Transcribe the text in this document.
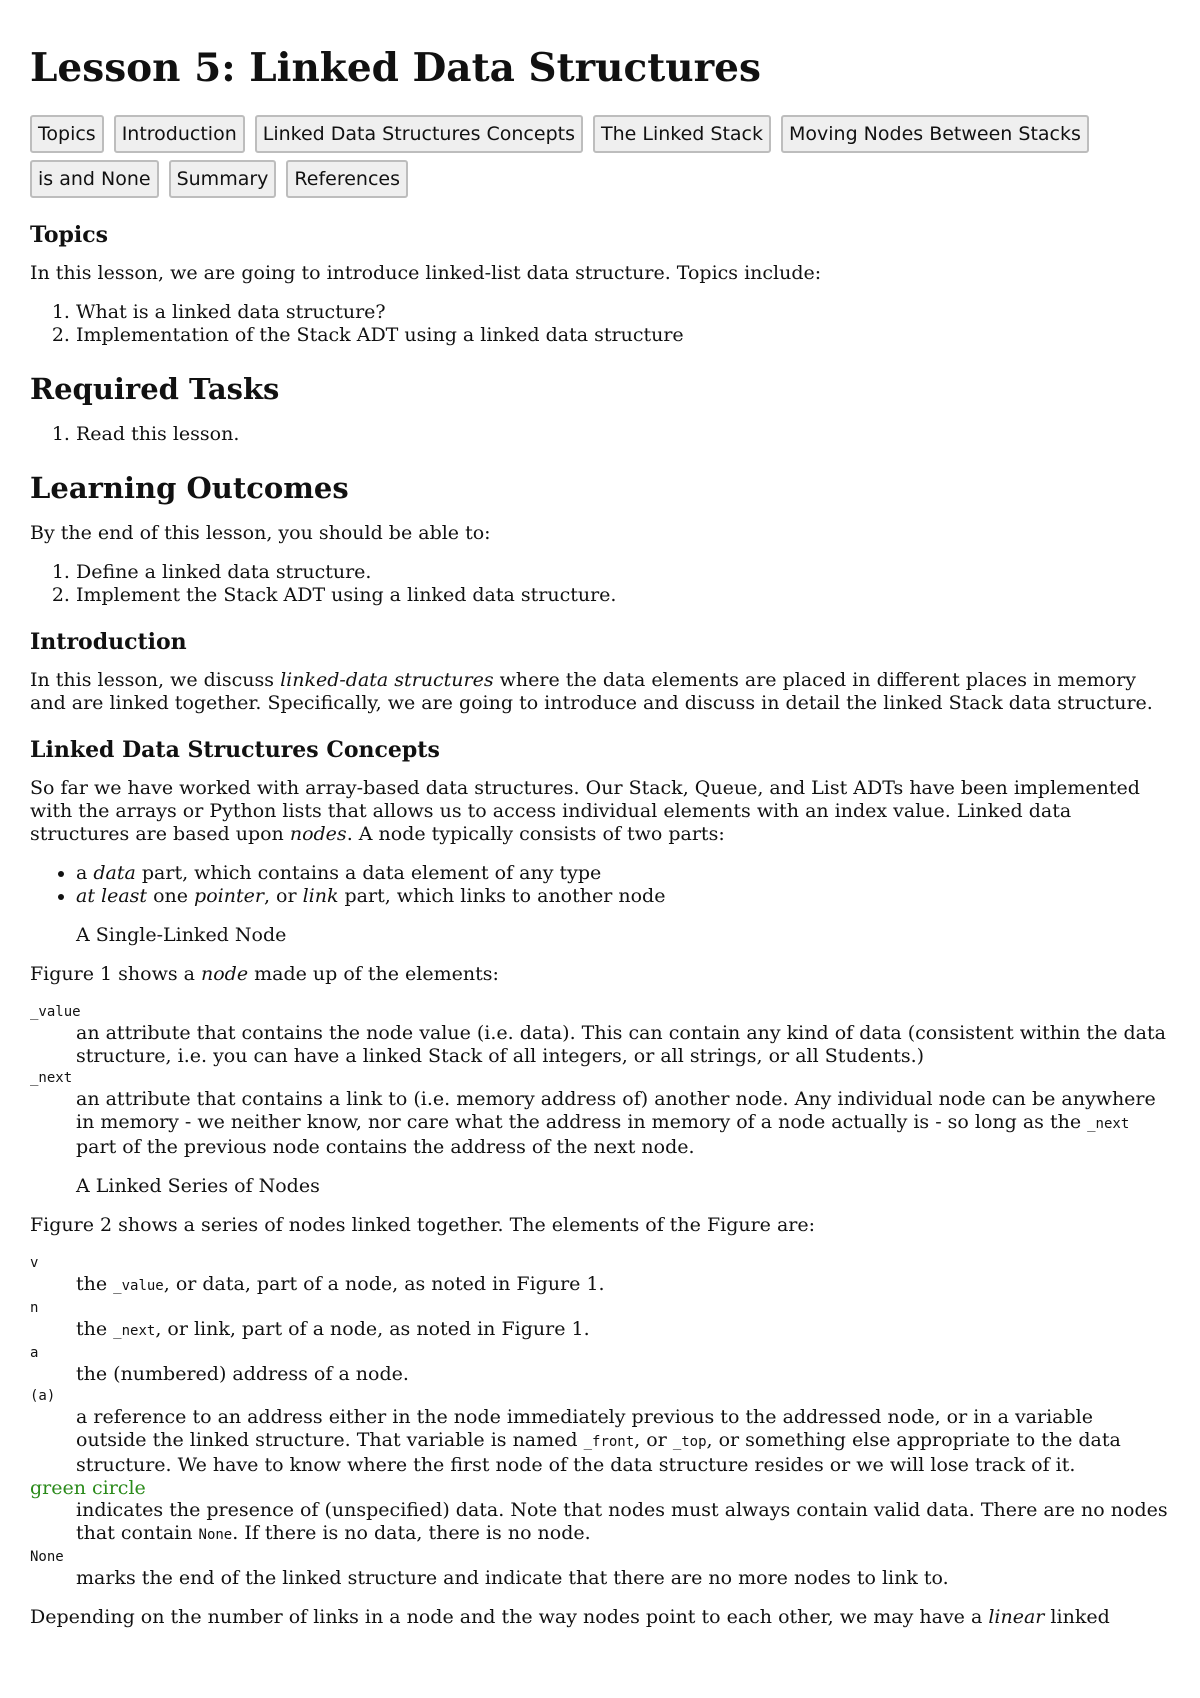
Lesson 5: Linked Data Structures
Topics	Introduction	Linked Data Structures Concepts	The Linked Stack	Moving Nodes Between Stacks
is and None	Summary	References
Topics

In this lesson, we are going to introduce linked-list data structure. Topics include:

1. What is a linked data structure?
2. Implementation of the Stack ADT using a linked data structure
Required Tasks
1. Read this lesson.
Learning Outcomes

By the end of this lesson, you should be able to:

1. Define a linked data structure.
2. Implement the Stack ADT using a linked data structure.
Introduction

In this lesson, we discuss linked-data structures where the data elements are placed in different places in memory and are linked together. Specifically, we are going to introduce and discuss in detail the linked Stack data structure.

Linked Data Structures Concepts

So far we have worked with array-based data structures. Our Stack, Queue, and List ADTs have been implemented with the arrays or Python lists that allows us to access individual elements with an index value. Linked data structures are based upon nodes. A node typically consists of two parts:

• a data part, which contains a data element of any type
• at least one pointer, or link part, which links to another node

A Single-Linked Node

Figure 1 shows a node made up of the elements:

_value
an attribute that contains the node value (i.e. data). This can contain any kind of data (consistent within the data structure, i.e. you can have a linked Stack of all integers, or all strings, or all Students.)
_next
an attribute that contains a link to (i.e. memory address of) another node. Any individual node can be anywhere in memory - we neither know, nor care what the address in memory of a node actually is - so long as the _next part of the previous node contains the address of the next node.

A Linked Series of Nodes

Figure 2 shows a series of nodes linked together. The elements of the Figure are:

v
the _value, or data, part of a node, as noted in Figure 1.
n
the _next, or link, part of a node, as noted in Figure 1.
a
the (numbered) address of a node.
(a)
a reference to an address either in the node immediately previous to the addressed node, or in a variable outside the linked structure. That variable is named _front, or _top, or something else appropriate to the data structure. We have to know where the first node of the data structure resides or we will lose track of it.
green circle
indicates the presence of (unspecified) data. Note that nodes must always contain valid data. There are no nodes that contain None. If there is no data, there is no node.
None
marks the end of the linked structure and indicate that there are no more nodes to link to.

Depending on the number of links in a node and the way nodes point to each other, we may have a linear linked
